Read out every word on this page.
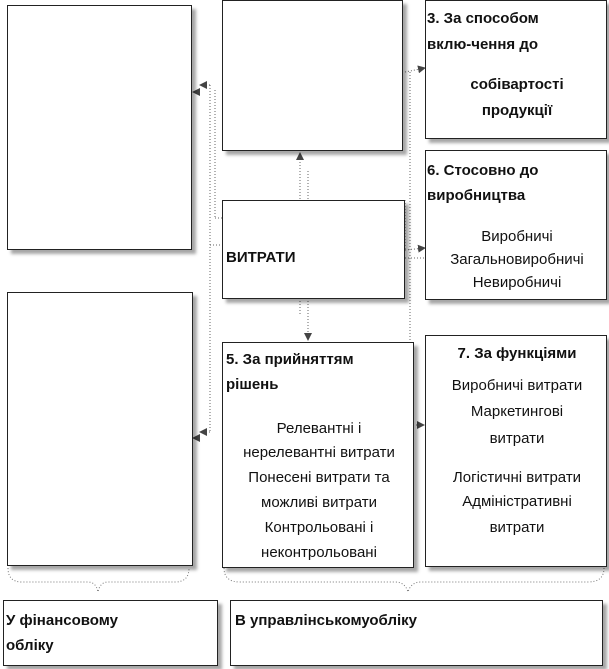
3. За способом
вклю-чення до
собівартості
продукції
6. Стосовно до
виробництва
Виробничі
Загальновиробничі
Невиробничі
ВИТРАТИ
5. За прийняттям
рішень
Релевантні і
нерелевантні витрати
Понесені витрати та
можливі витрати
Контрольовані і
неконтрольовані
7. За функціями
Виробничі витрати
Маркетингові
витрати
Логістичні витрати
Адміністративні
витрати
У фінансовому
обліку
В управлінськомуобліку
